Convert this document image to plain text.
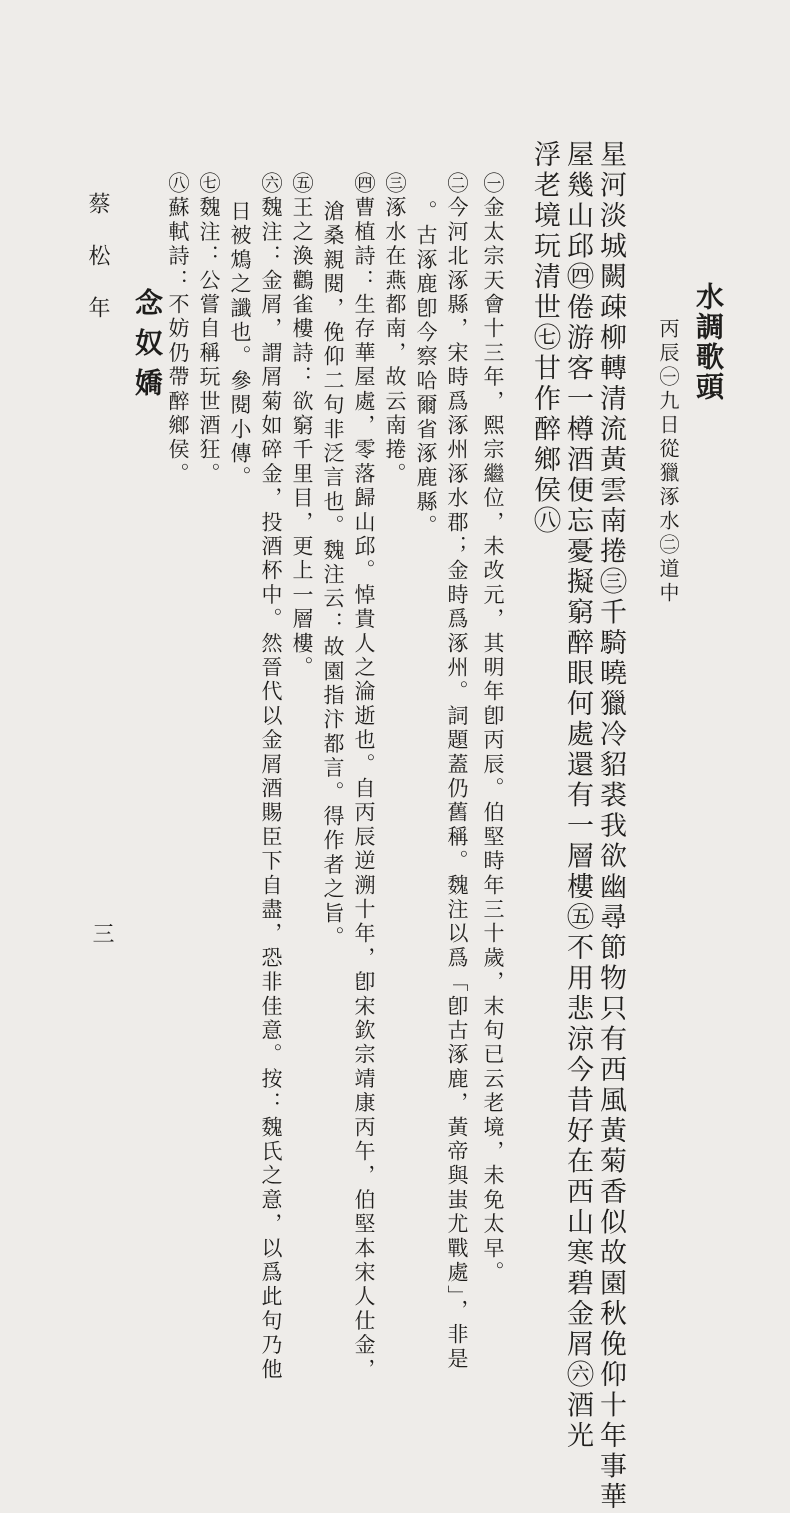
水調歌頭
丙辰㊀九日從獵涿水㊁道中
星河淡城闕疎柳轉清流黃雲南捲㊂千騎曉獵冷貂裘我欲幽尋節物只有西風黃菊香似故園秋俛仰十年事華
屋幾山邱㊃倦游客一樽酒便忘憂擬窮醉眼何處還有一層樓㊄不用悲涼今昔好在西山寒碧金屑㊅酒光
浮老境玩清世㊆甘作醉鄉侯㊇
㊀金太宗天會十三年，熙宗繼位，未改元，其明年卽丙辰。伯堅時年三十歲，末句已云老境，未免太早。
㊁今河北涿縣，宋時爲涿州涿水郡；金時爲涿州。詞題蓋仍舊稱。魏注以爲「卽古涿鹿，黃帝與蚩尤戰處」，非是
。古涿鹿卽今察哈爾省涿鹿縣。
㊂涿水在燕都南，故云南捲。
㊃曹植詩：生存華屋處，零落歸山邱。悼貴人之淪逝也。自丙辰逆溯十年，卽宋欽宗靖康丙午，伯堅本宋人仕金，
滄桑親閱，俛仰二句非泛言也。魏注云：故園指汴都言。得作者之旨。
㊄王之渙鸛雀樓詩：欲窮千里目，更上一層樓。
㊅魏注：金屑，謂屑菊如碎金，投酒杯中。然晉代以金屑酒賜臣下自盡，恐非佳意。按：魏氏之意，以爲此句乃他
日被鴆之讖也。參閱小傳。
㊆魏注：公嘗自稱玩世酒狂。
㊇蘇軾詩：不妨仍帶醉鄉侯。
念奴嬌
蔡松年
三
